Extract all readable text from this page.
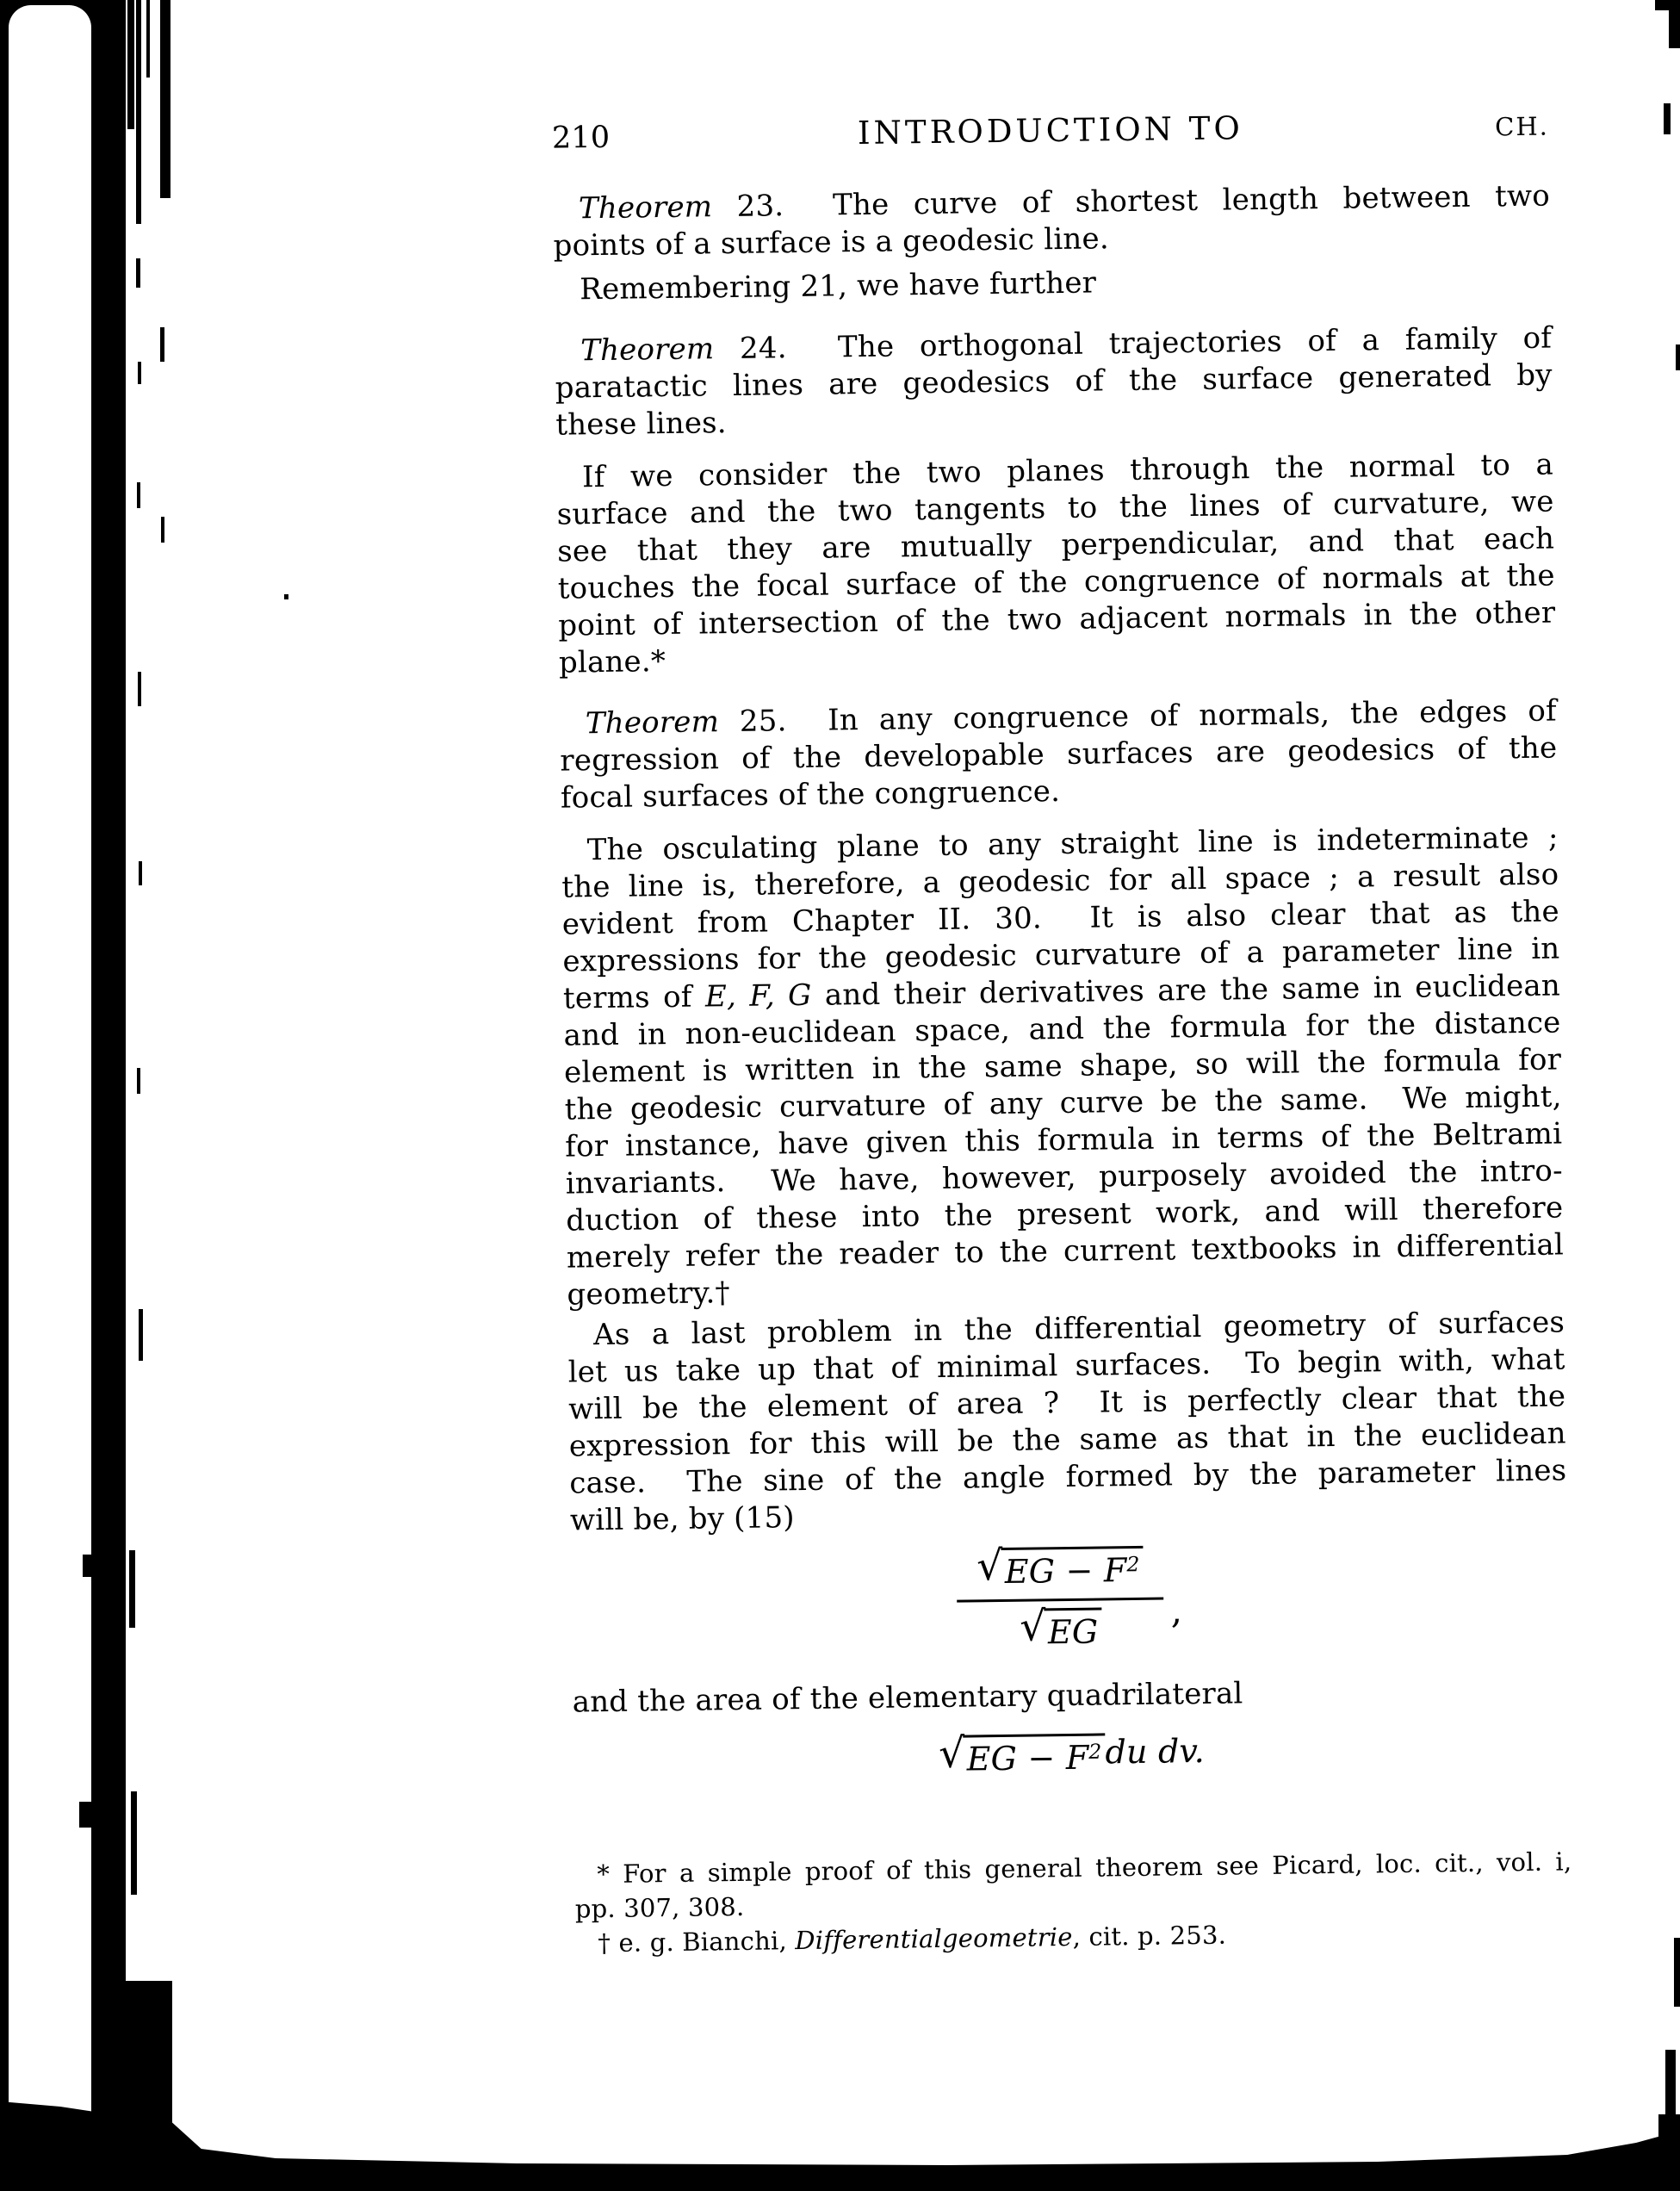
210	INTRODUCTION TO	CH.
Theorem 23.  The curve of shortest length between two
points of a surface is a geodesic line.
Remembering 21, we have further
Theorem 24.  The orthogonal trajectories of a family of
paratactic lines are geodesics of the surface generated by
these lines.
If we consider the two planes through the normal to a
surface and the two tangents to the lines of curvature, we
see that they are mutually perpendicular, and that each
touches the focal surface of the congruence of normals at the
point of intersection of the two adjacent normals in the other
plane.*
Theorem 25.  In any congruence of normals, the edges of
regression of the developable surfaces are geodesics of the
focal surfaces of the congruence.
The osculating plane to any straight line is indeterminate ;
the line is, therefore, a geodesic for all space ; a result also
evident from Chapter II. 30.  It is also clear that as the
expressions for the geodesic curvature of a parameter line in
terms of E, F, G and their derivatives are the same in euclidean
and in non-euclidean space, and the formula for the distance
element is written in the same shape, so will the formula for
the geodesic curvature of any curve be the same.  We might,
for instance, have given this formula in terms of the Beltrami
invariants.  We have, however, purposely avoided the intro-
duction of these into the present work, and will therefore
merely refer the reader to the current textbooks in differential
geometry.†
As a last problem in the differential geometry of surfaces
let us take up that of minimal surfaces.  To begin with, what
will be the element of area ?  It is perfectly clear that the
expression for this will be the same as that in the euclidean
case.  The sine of the angle formed by the parameter lines
will be, by (15)
√ EG − $F^2$
√ EG
,
and the area of the elementary quadrilateral
√ EG − $F^2$ du dv.
* For a simple proof of this general theorem see Picard, loc. cit., vol. i,
pp. 307, 308.
† e. g. Bianchi, Differentialgeometrie, cit. p. 253.
